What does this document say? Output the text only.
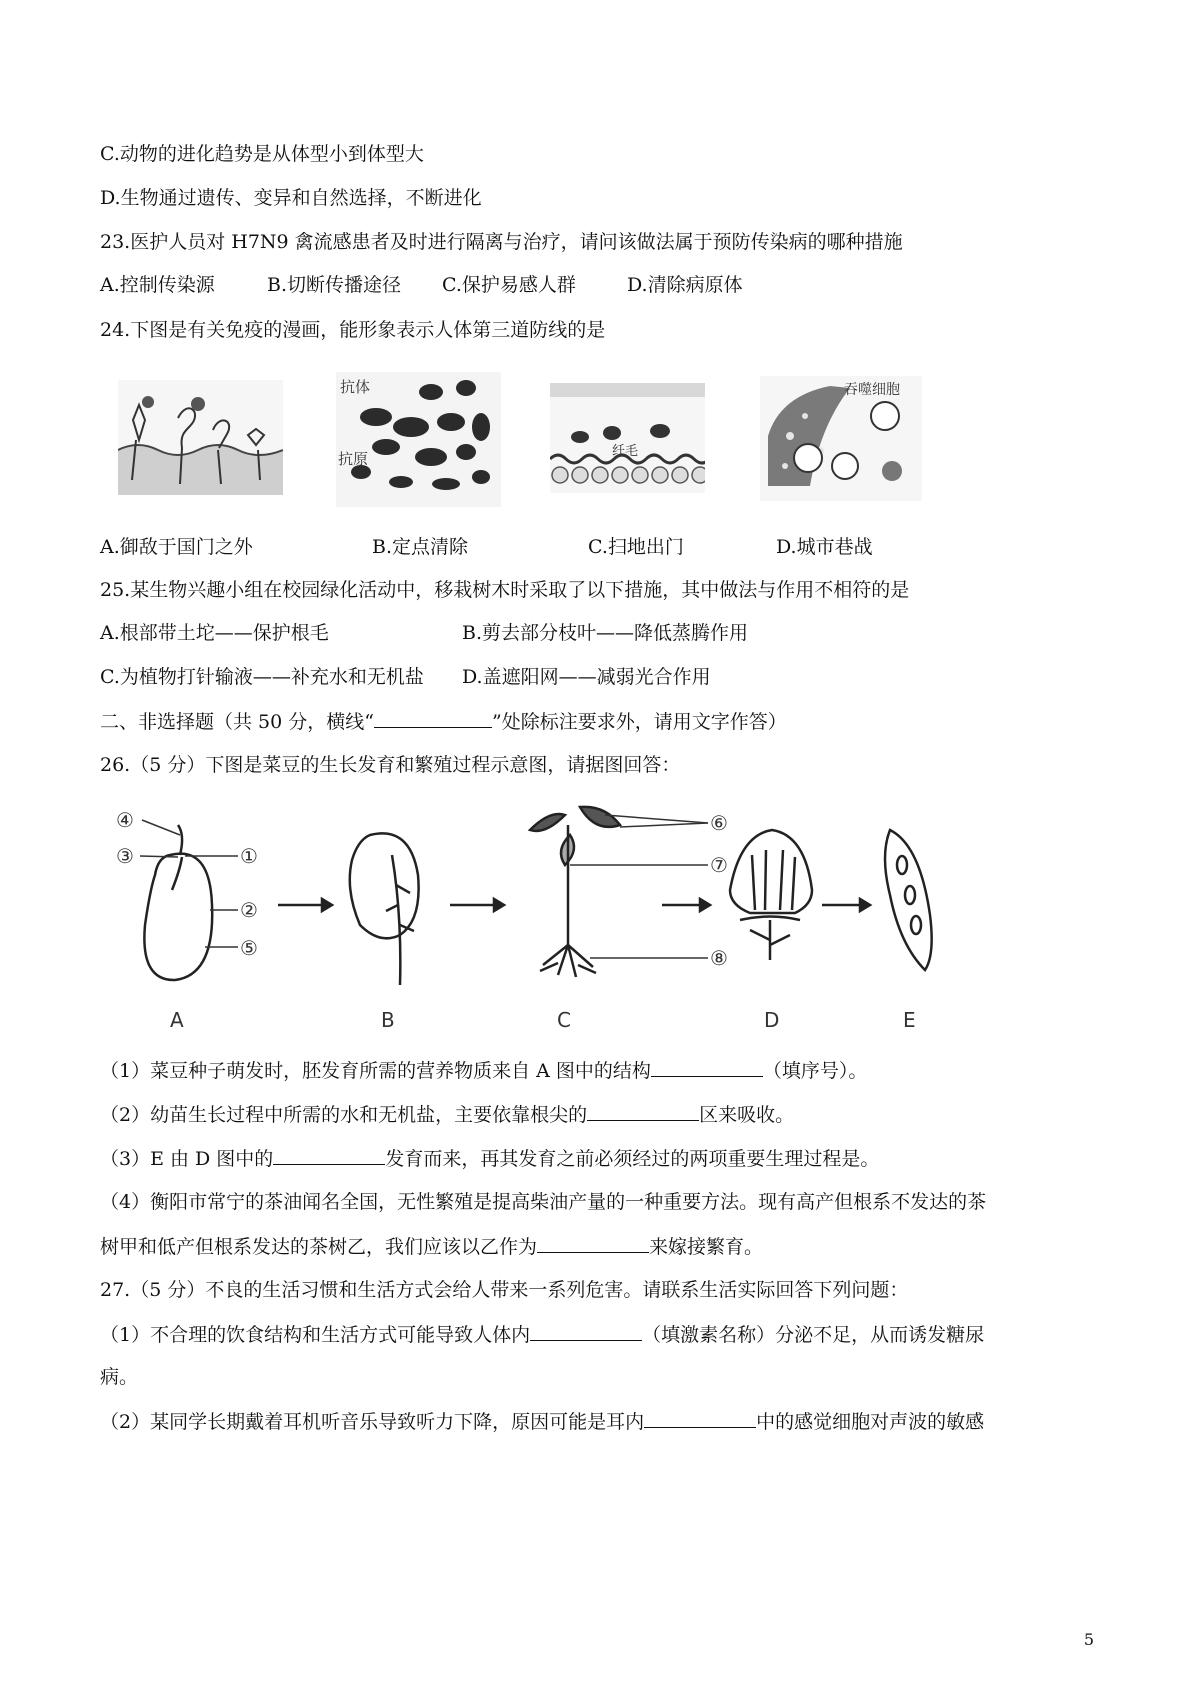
C.动物的进化趋势是从体型小到体型大
D.生物通过遗传、变异和自然选择，不断进化
23.医护人员对 H7N9 禽流感患者及时进行隔离与治疗，请问该做法属于预防传染病的哪种措施
A.控制传染源	B.切断传播途径 C.保护易感人群	D.清除病原体
24.下图是有关免疫的漫画，能形象表示人体第三道防线的是
抗体
抗原	纤毛
吞噬细胞
A.御敌于国门之外	B.定点清除	C.扫地出门	D.城市巷战
25.某生物兴趣小组在校园绿化活动中，移栽树木时采取了以下措施，其中做法与作用不相符的是
A.根部带土坨——保护根毛	B.剪去部分枝叶——降低蒸腾作用
C.为植物打针输液——补充水和无机盐 D.盖遮阳网——减弱光合作用
二、非选择题（共 50 分，横线“	”处除标注要求外，请用文字作答）
26.（5 分）下图是菜豆的生长发育和繁殖过程示意图，请据图回答：
④
③	①
②
⑤
⑥
⑦
⑧
A	B	C	D	E
（1）菜豆种子萌发时，胚发育所需的营养物质来自 A 图中的结构	（填序号）。
（2）幼苗生长过程中所需的水和无机盐，主要依靠根尖的	区来吸收。
（3）E 由 D 图中的	发育而来，再其发育之前必须经过的两项重要生理过程是。
（4）衡阳市常宁的茶油闻名全国，无性繁殖是提高柴油产量的一种重要方法。现有高产但根系不发达的茶
树甲和低产但根系发达的茶树乙，我们应该以乙作为	来嫁接繁育。
27.（5 分）不良的生活习惯和生活方式会给人带来一系列危害。请联系生活实际回答下列问题：
（1）不合理的饮食结构和生活方式可能导致人体内	（填激素名称）分泌不足，从而诱发糖尿
病。
（2）某同学长期戴着耳机听音乐导致听力下降，原因可能是耳内	中的感觉细胞对声波的敏感
5
